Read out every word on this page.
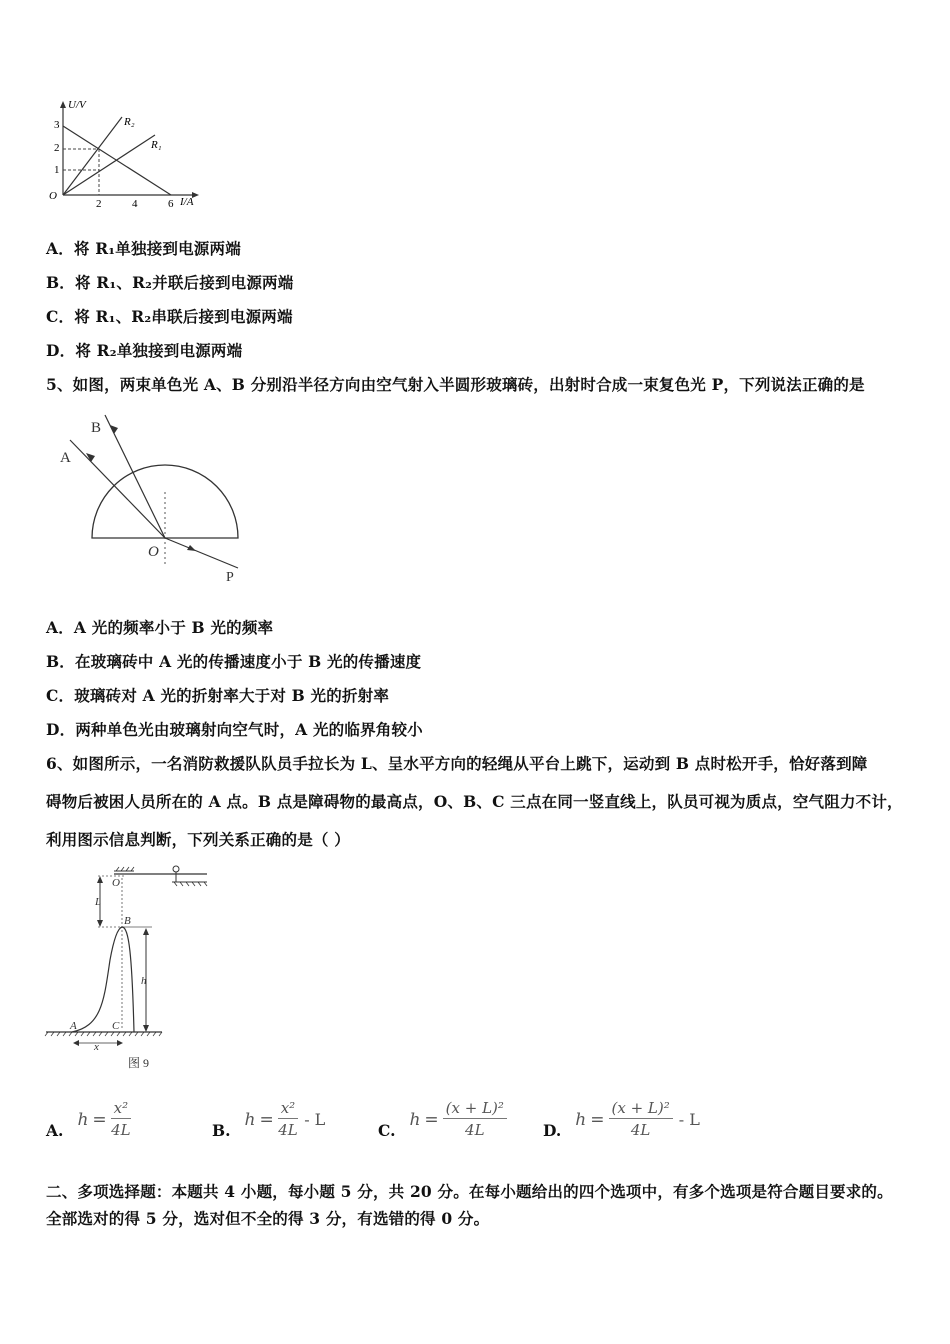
U/V
I/A
O
1
2
3
2	4	6
R₂
R₁
A．将 R₁单独接到电源两端
B．将 R₁、R₂并联后接到电源两端
C．将 R₁、R₂串联后接到电源两端
D．将 R₂单独接到电源两端
5、如图，两束单色光 A、B 分别沿半径方向由空气射入半圆形玻璃砖，出射时合成一束复色光 P，下列说法正确的是
A
B
O
P
A．A 光的频率小于 B 光的频率
B．在玻璃砖中 A 光的传播速度小于 B 光的传播速度
C．玻璃砖对 A 光的折射率大于对 B 光的折射率
D．两种单色光由玻璃射向空气时，A 光的临界角较小
6、如图所示，一名消防救援队队员手拉长为 L、呈水平方向的轻绳从平台上跳下，运动到 B 点时松开手，恰好落到障
碍物后被困人员所在的 A 点。B 点是障碍物的最高点，O、B、C 三点在同一竖直线上，队员可视为质点，空气阻力不计，
利用图示信息判断，下列关系正确的是（ ）
O
L
B
h
A	C
x
图 9
A.
$h = \frac{\text{x²}}{4L}$	B.
$h = \frac{\text{x²}}{4L} - L$
C.
$h = \frac{\text{(x + L)²}}{4L} D$.
$h = \frac{\text{(x + L)²}}{4L} - L$
二、多项选择题：本题共 4 小题，每小题 5 分，共 20 分。在每小题给出的四个选项中，有多个选项是符合题目要求的。
全部选对的得 5 分，选对但不全的得 3 分，有选错的得 0 分。
